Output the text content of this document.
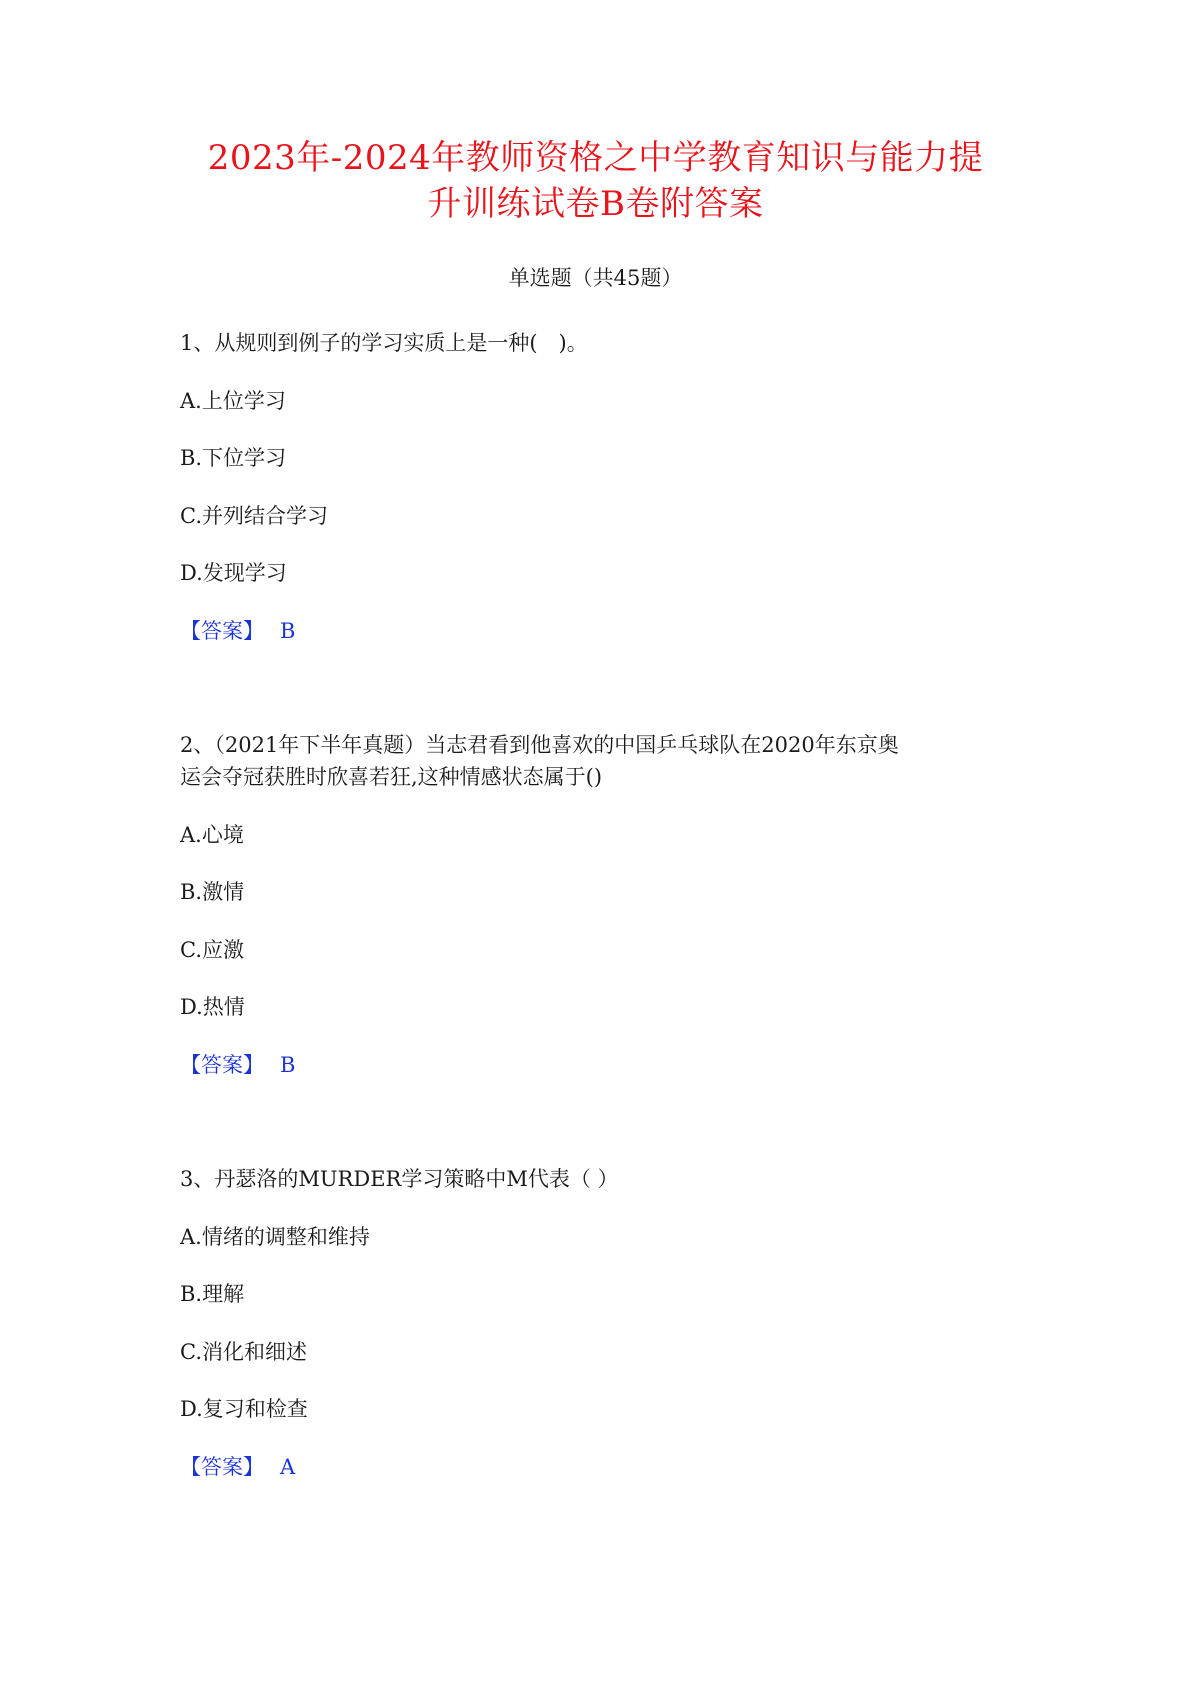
2023年-2024年教师资格之中学教育知识与能力提
升训练试卷B卷附答案
单选题（共45题）
1、从规则到例子的学习实质上是一种(　)。
A.上位学习
B.下位学习
C.并列结合学习
D.发现学习
【答案】 B
2、（2021年下半年真题）当志君看到他喜欢的中国乒乓球队在2020年东京奥
运会夺冠获胜时欣喜若狂,这种情感状态属于()
A.心境
B.激情
C.应激
D.热情
【答案】 B
3、丹瑟洛的MURDER学习策略中M代表（ ）
A.情绪的调整和维持
B.理解
C.消化和细述
D.复习和检查
【答案】 A
